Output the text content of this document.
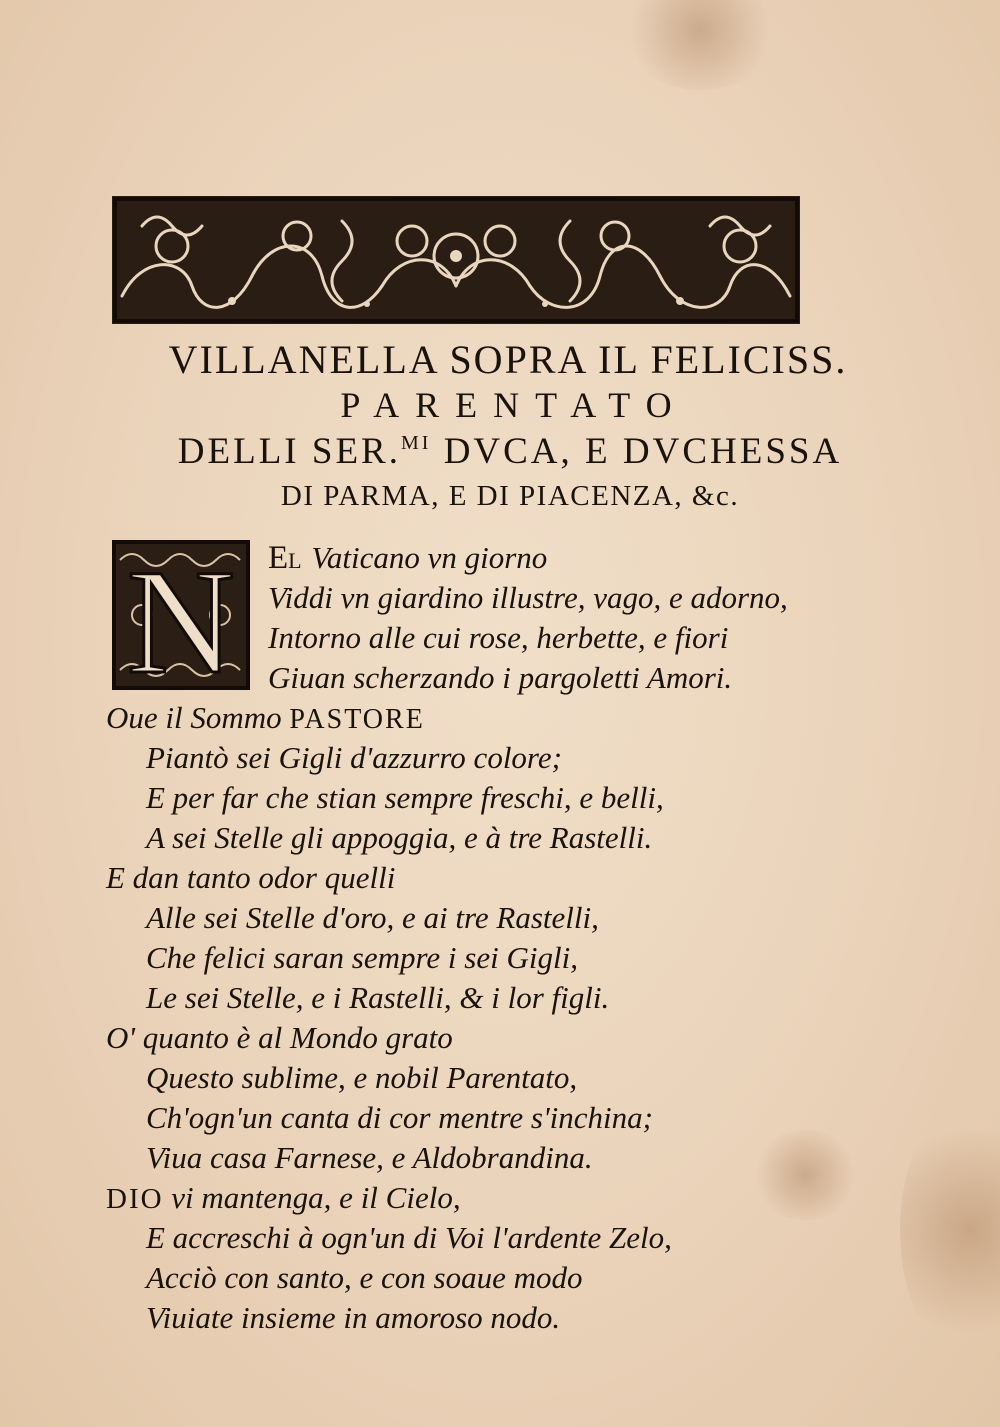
VILLANELLA SOPRA IL FELICISS.
PARENTATO
DELLI SER.$^{MI}$ DVCA, E DVCHESSA
DI PARMA, E DI PIACENZA, &c.
N EL Vaticano vn giorno
Viddi vn giardino illustre, vago, e adorno,
Intorno alle cui rose, herbette, e fiori
Giuan scherzando i pargoletti Amori.
Oue il Sommo PASTORE
Piantò sei Gigli d'azzurro colore;
E per far che stian sempre freschi, e belli,
A sei Stelle gli appoggia, e à tre Rastelli.
E dan tanto odor quelli
Alle sei Stelle d'oro, e ai tre Rastelli,
Che felici saran sempre i sei Gigli,
Le sei Stelle, e i Rastelli, & i lor figli.
O' quanto è al Mondo grato
Questo sublime, e nobil Parentato,
Ch'ogn'un canta di cor mentre s'inchina;
Viua casa Farnese, e Aldobrandina.
DIO vi mantenga, e il Cielo,
E accreschi à ogn'un di Voi l'ardente Zelo,
Acciò con santo, e con soaue modo
Viuiate insieme in amoroso nodo.
